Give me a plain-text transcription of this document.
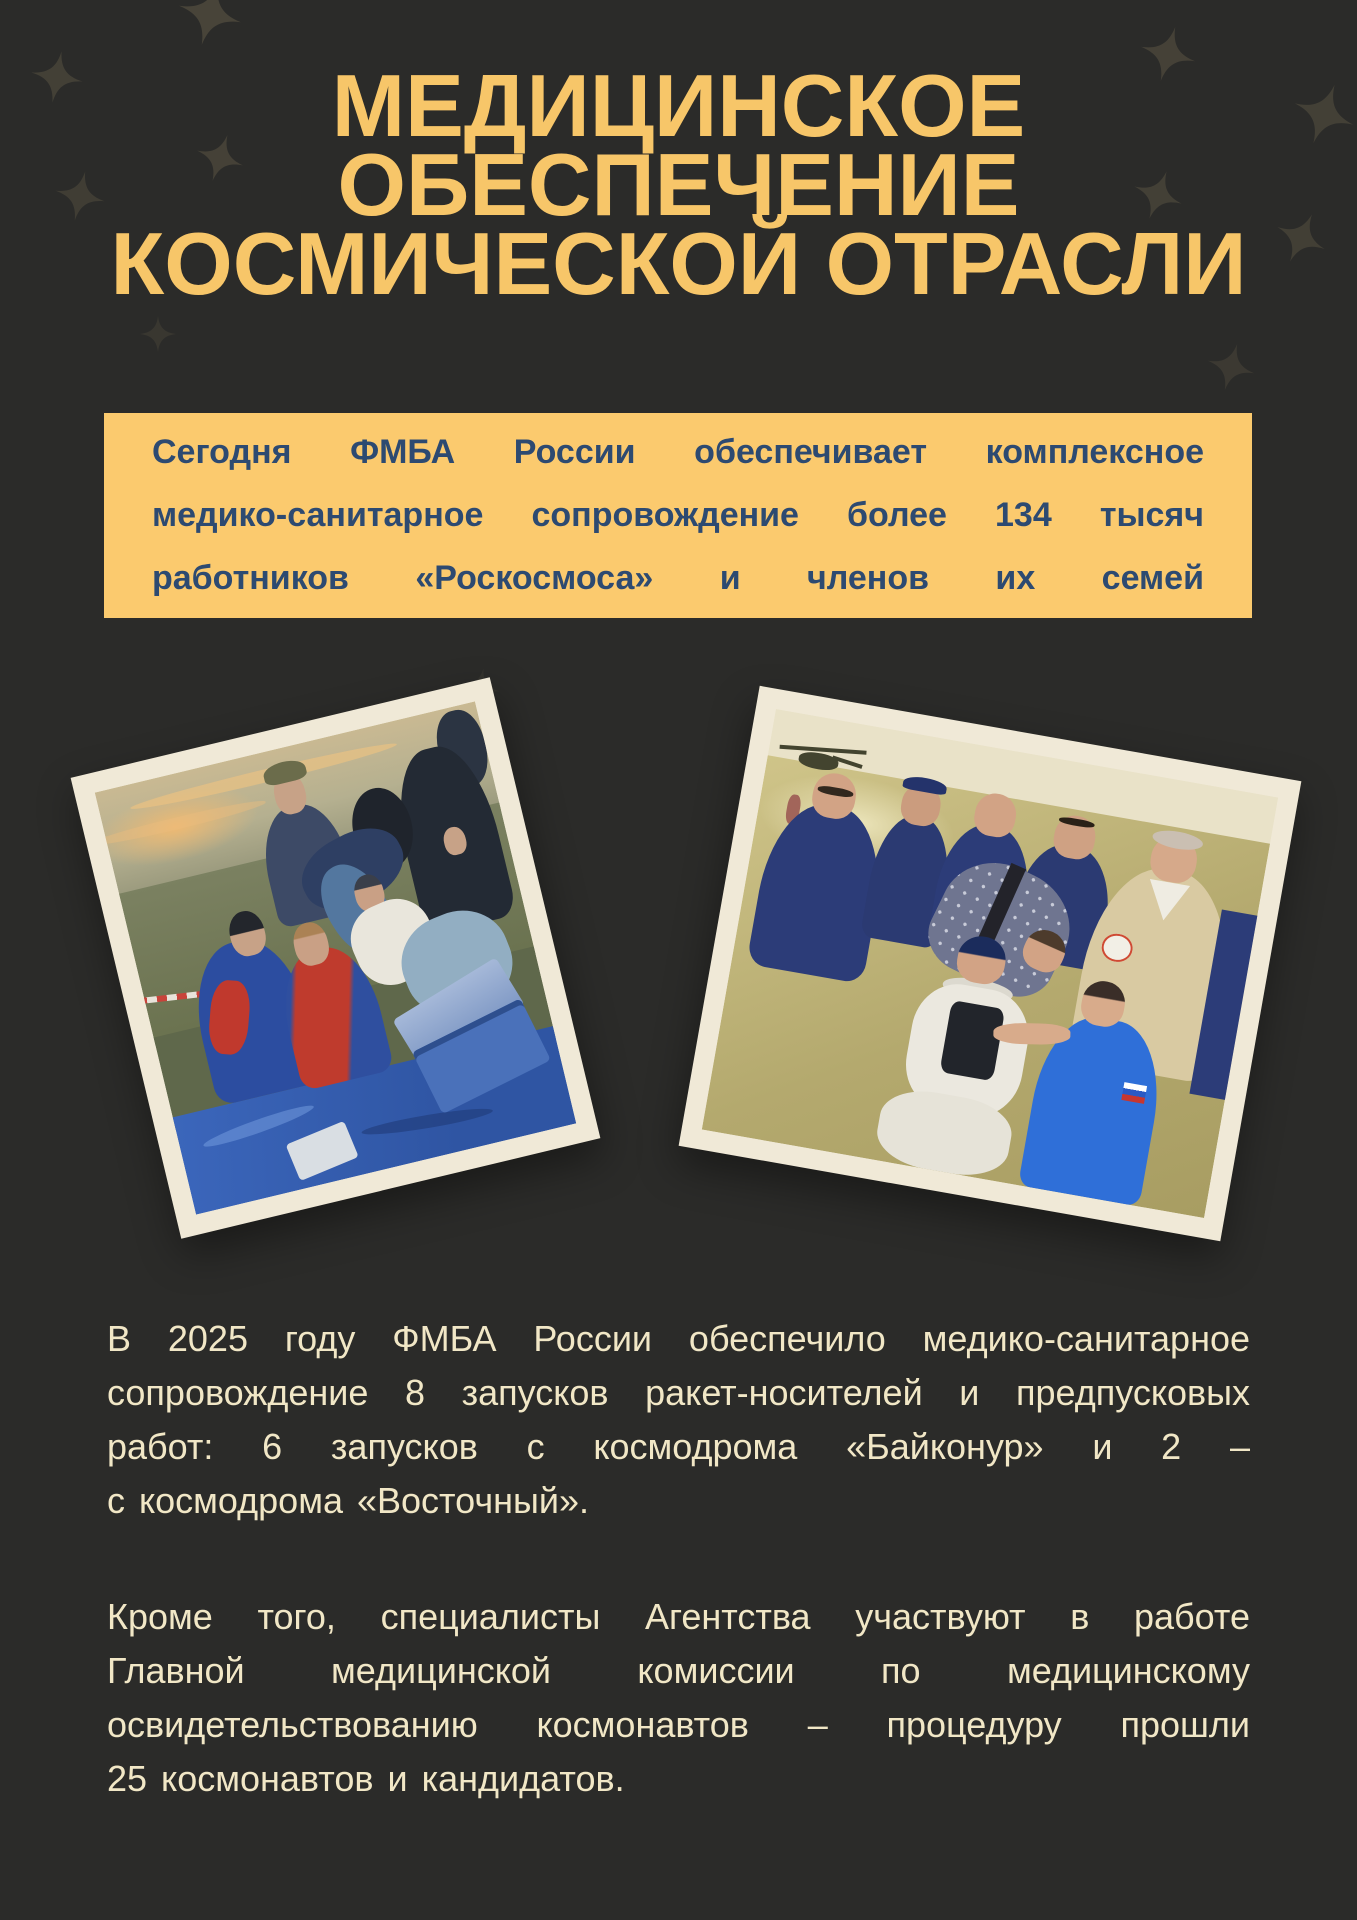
МЕДИЦИНСКОЕ
ОБЕСПЕЧЕНИЕ
КОСМИЧЕСКОЙ ОТРАСЛИ
Сегодня ФМБА России обеспечивает комплексное
медико-санитарное сопровождение более 134 тысяч
работников «Роскосмоса» и членов их семей
В 2025 году ФМБА России обеспечило медико-санитарное
сопровождение 8 запусков ракет-носителей и предпусковых
работ: 6 запусков с космодрома «Байконур» и 2 –
с космодрома «Восточный».
Кроме того, специалисты Агентства участвуют в работе
Главной медицинской комиссии по медицинскому
освидетельствованию космонавтов – процедуру прошли
25 космонавтов и кандидатов.
